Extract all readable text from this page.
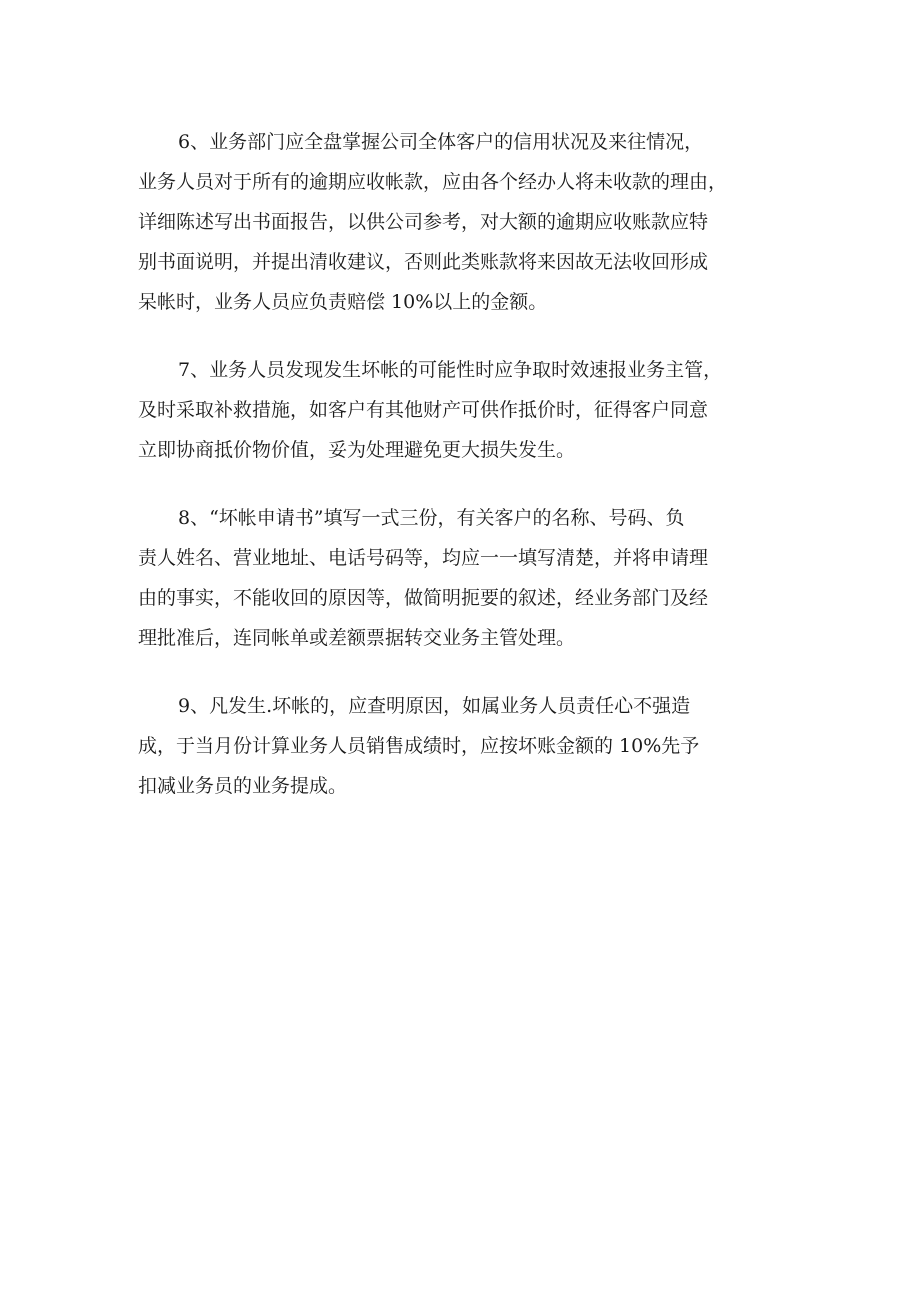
6、业务部门应全盘掌握公司全体客户的信用状况及来往情况，
业务人员对于所有的逾期应收帐款，应由各个经办人将未收款的理由，
详细陈述写出书面报告，以供公司参考，对大额的逾期应收账款应特
别书面说明，并提出清收建议，否则此类账款将来因故无法收回形成
呆帐时，业务人员应负责赔偿 10%以上的金额。
7、业务人员发现发生坏帐的可能性时应争取时效速报业务主管，
及时采取补救措施，如客户有其他财产可供作抵价时，征得客户同意
立即协商抵价物价值，妥为处理避免更大损失发生。
8、“坏帐申请书”填写一式三份，有关客户的名称、号码、负
责人姓名、营业地址、电话号码等，均应一一填写清楚，并将申请理
由的事实，不能收回的原因等，做简明扼要的叙述，经业务部门及经
理批准后，连同帐单或差额票据转交业务主管处理。
9、凡发生.坏帐的，应查明原因，如属业务人员责任心不强造
成，于当月份计算业务人员销售成绩时，应按坏账金额的 10%先予
扣减业务员的业务提成。
